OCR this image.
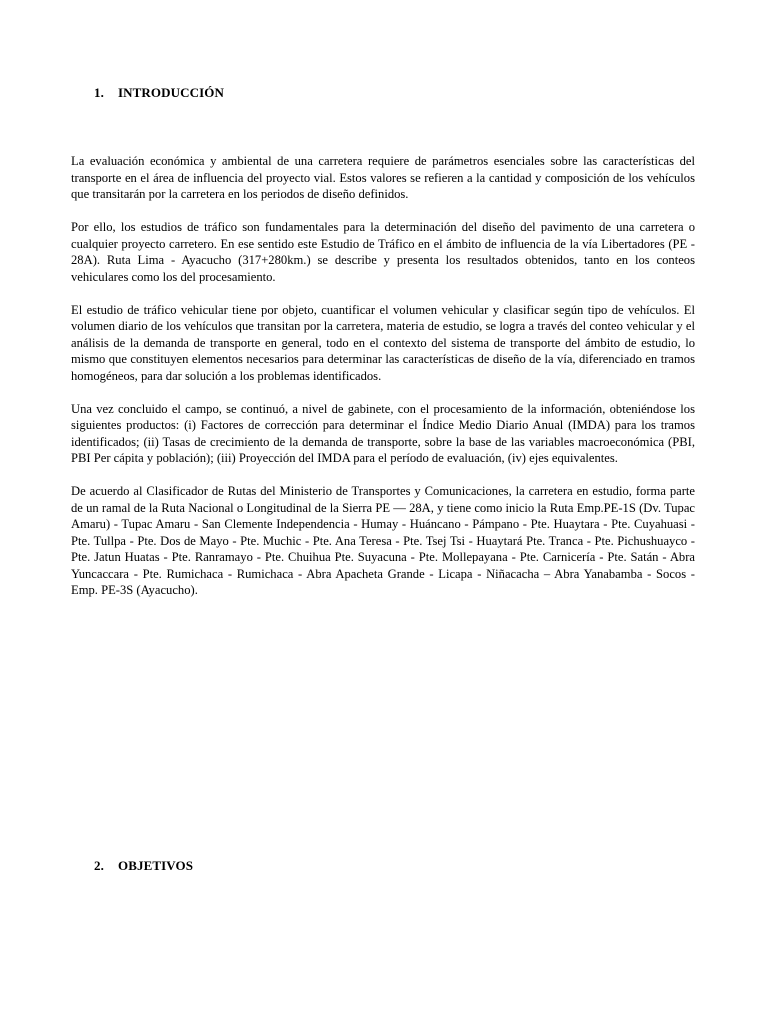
1. INTRODUCCIÓN

La evaluación económica y ambiental de una carretera requiere de parámetros esenciales sobre las características del transporte en el área de influencia del proyecto vial. Estos valores se refieren a la cantidad y composición de los vehículos que transitarán por la carretera en los periodos de diseño definidos.

Por ello, los estudios de tráfico son fundamentales para la determinación del diseño del pavimento de una carretera o cualquier proyecto carretero. En ese sentido este Estudio de Tráfico en el ámbito de influencia de la vía Libertadores (PE - 28A). Ruta Lima - Ayacucho (317+280km.) se describe y presenta los resultados obtenidos, tanto en los conteos vehiculares como los del procesamiento.

El estudio de tráfico vehicular tiene por objeto, cuantificar el volumen vehicular y clasificar según tipo de vehículos. El volumen diario de los vehículos que transitan por la carretera, materia de estudio, se logra a través del conteo vehicular y el análisis de la demanda de transporte en general, todo en el contexto del sistema de transporte del ámbito de estudio, lo mismo que constituyen elementos necesarios para determinar las características de diseño de la vía, diferenciado en tramos homogéneos, para dar solución a los problemas identificados.

Una vez concluido el campo, se continuó, a nivel de gabinete, con el procesamiento de la información, obteniéndose los siguientes productos: (i) Factores de corrección para determinar el Índice Medio Diario Anual (IMDA) para los tramos identificados; (ii) Tasas de crecimiento de la demanda de transporte, sobre la base de las variables macroeconómica (PBI, PBI Per cápita y población); (iii) Proyección del IMDA para el período de evaluación, (iv) ejes equivalentes.

De acuerdo al Clasificador de Rutas del Ministerio de Transportes y Comunicaciones, la carretera en estudio, forma parte de un ramal de la Ruta Nacional o Longitudinal de la Sierra PE — 28A, y tiene como inicio la Ruta Emp.PE-1S (Dv. Tupac Amaru) - Tupac Amaru - San Clemente Independencia - Humay - Huáncano - Pámpano - Pte. Huaytara - Pte. Cuyahuasi - Pte. Tullpa - Pte. Dos de Mayo - Pte. Muchic - Pte. Ana Teresa - Pte. Tsej Tsi - Huaytará Pte. Tranca - Pte. Pichushuayco - Pte. Jatun Huatas - Pte. Ranramayo - Pte. Chuihua Pte. Suyacuna - Pte. Mollepayana - Pte. Carnicería - Pte. Satán - Abra Yuncaccara - Pte. Rumichaca - Rumichaca - Abra Apacheta Grande - Licapa - Niñacacha – Abra Yanabamba - Socos - Emp. PE-3S (Ayacucho).

2. OBJETIVOS
